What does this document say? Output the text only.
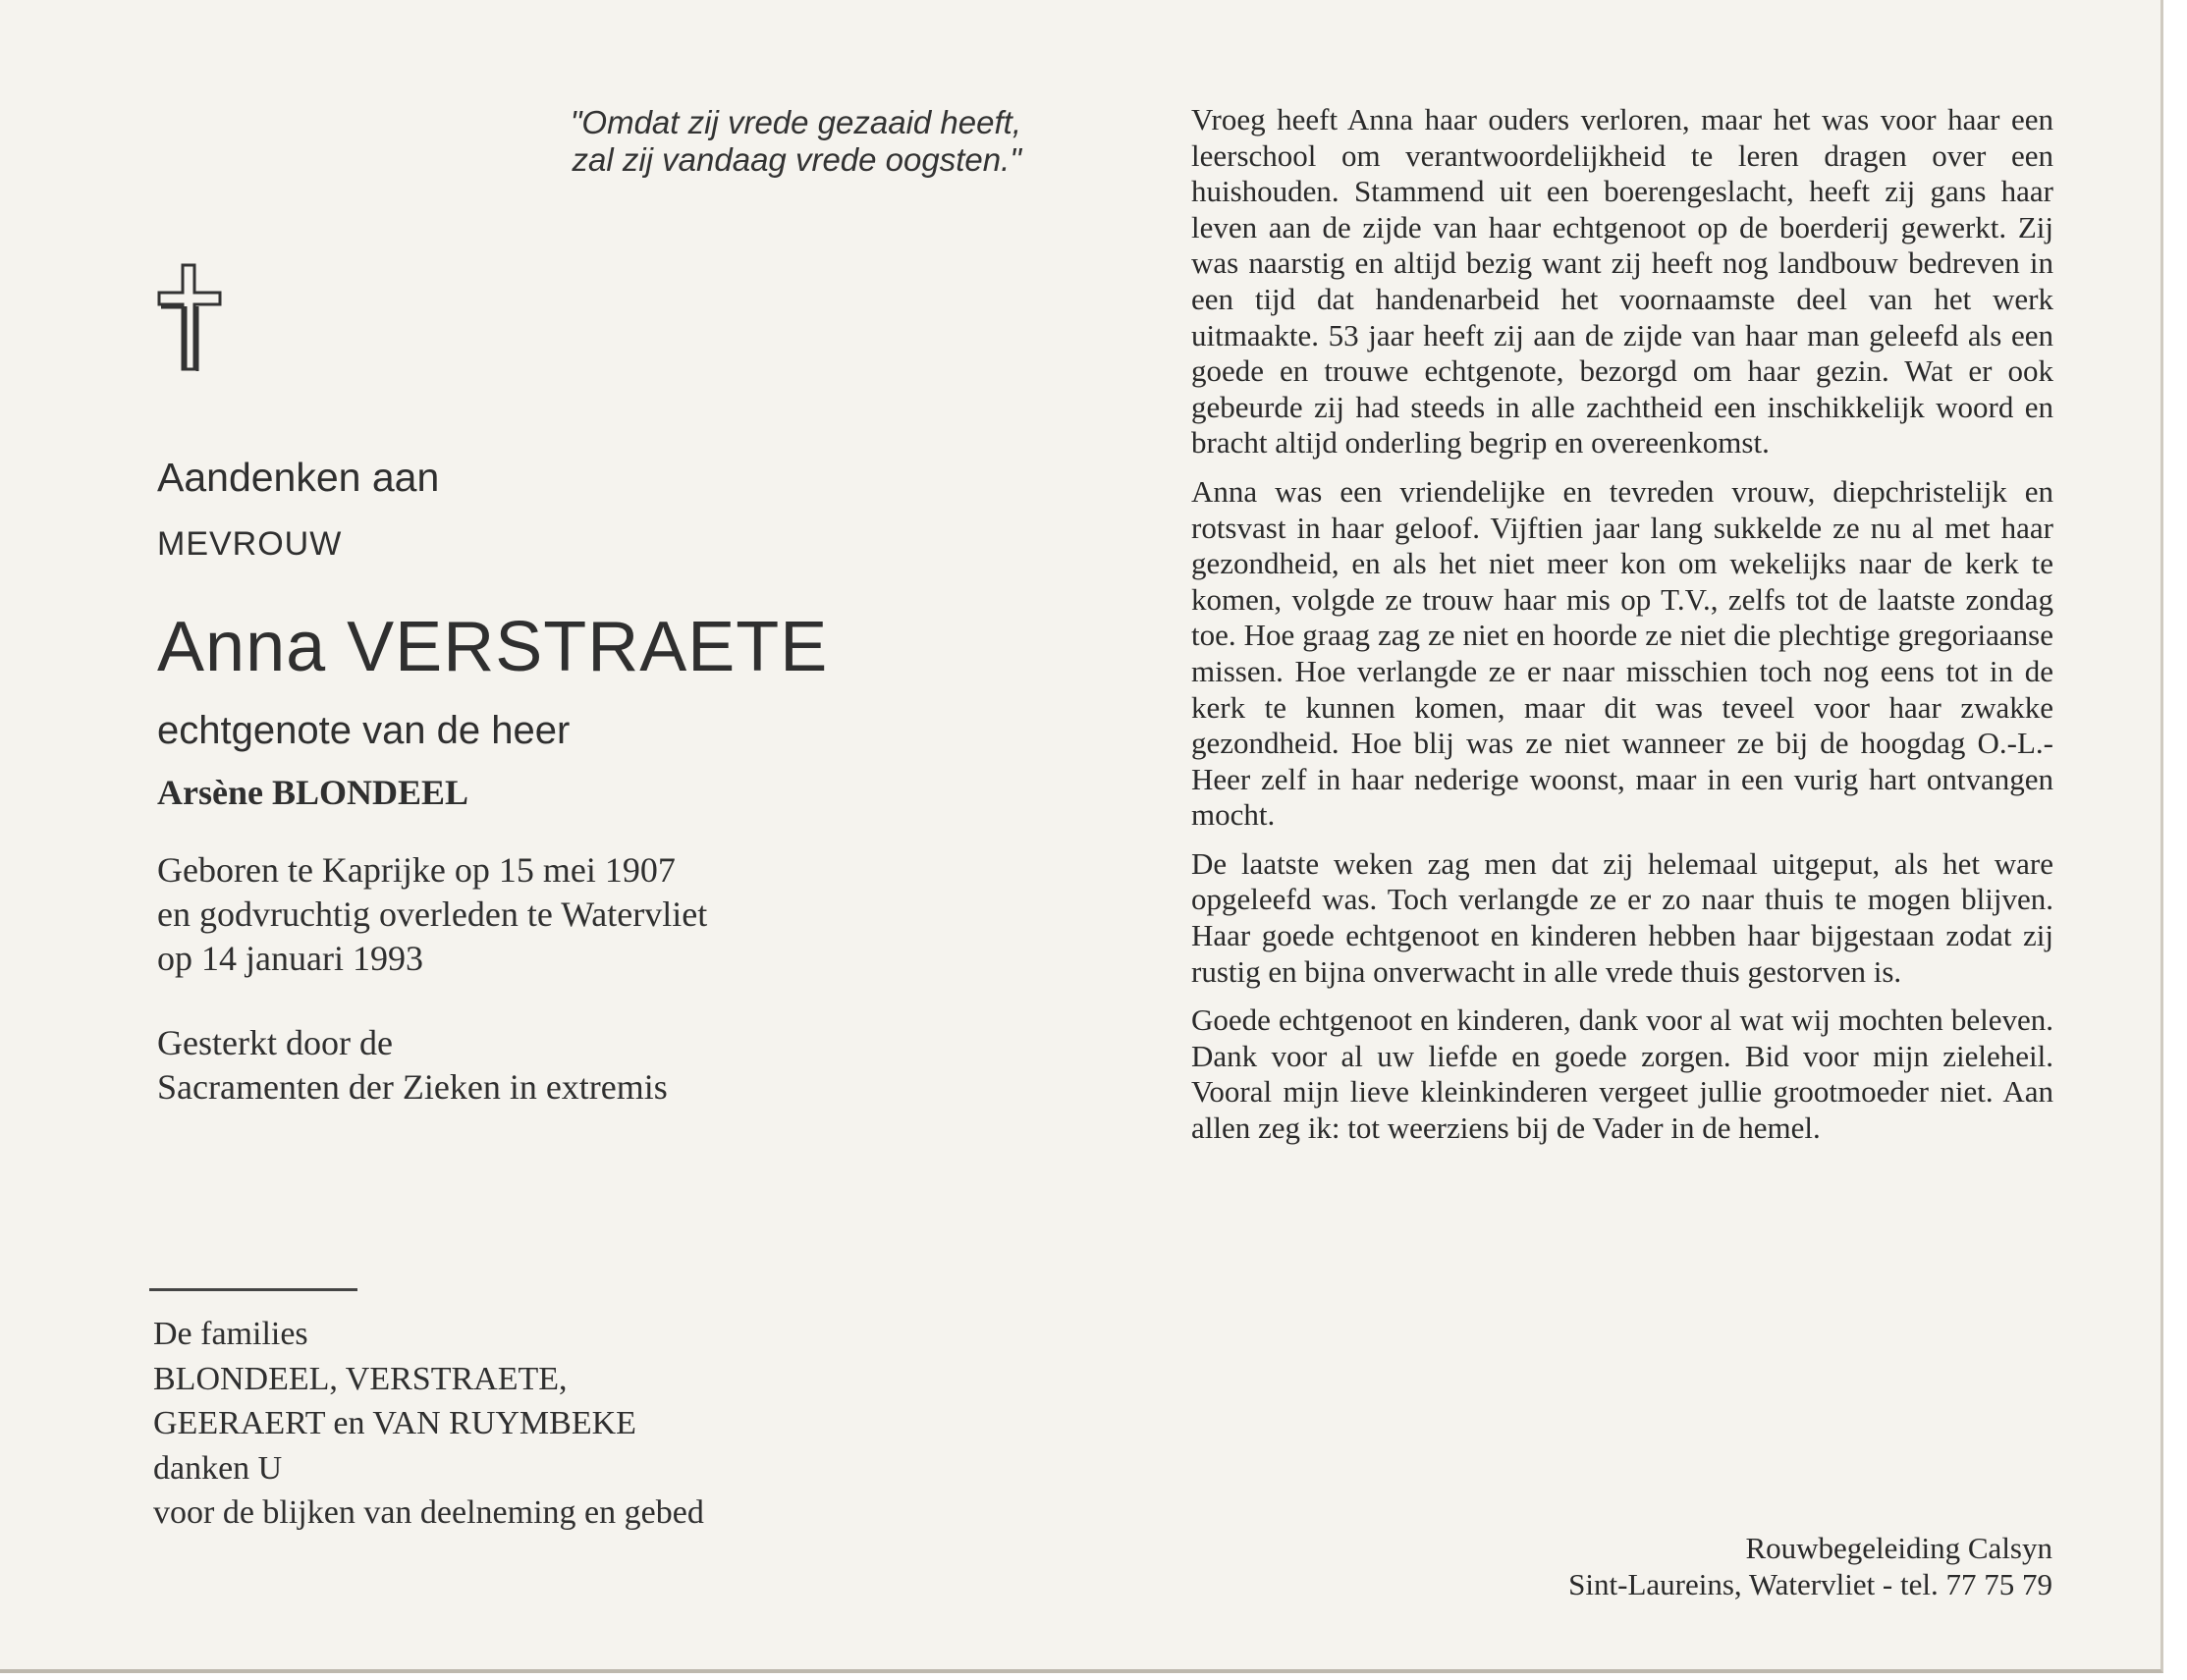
"Omdat zij vrede gezaaid heeft,
zal zij vandaag vrede oogsten."
Aandenken aan
MEVROUW
Anna VERSTRAETE
echtgenote van de heer
Arsène BLONDEEL
Geboren te Kaprijke op 15 mei 1907
en godvruchtig overleden te Watervliet
op 14 januari 1993
Gesterkt door de
Sacramenten der Zieken in extremis
De families
BLONDEEL, VERSTRAETE,
GEERAERT en VAN RUYMBEKE
danken U
voor de blijken van deelneming en gebed

Vroeg heeft Anna haar ouders verloren, maar het was voor haar een leerschool om verantwoordelijkheid te leren dragen over een huishouden. Stammend uit een boerengeslacht, heeft zij gans haar leven aan de zijde van haar echtgenoot op de boerderij gewerkt. Zij was naarstig en altijd bezig want zij heeft nog landbouw bedreven in een tijd dat handenarbeid het voornaamste deel van het werk uitmaakte. 53 jaar heeft zij aan de zijde van haar man geleefd als een goede en trouwe echtgenote, bezorgd om haar gezin. Wat er ook gebeurde zij had steeds in alle zachtheid een inschikkelijk woord en bracht altijd onderling begrip en overeenkomst.

Anna was een vriendelijke en tevreden vrouw, diepchristelijk en rotsvast in haar geloof. Vijftien jaar lang sukkelde ze nu al met haar gezondheid, en als het niet meer kon om wekelijks naar de kerk te komen, volgde ze trouw haar mis op T.V., zelfs tot de laatste zondag toe. Hoe graag zag ze niet en hoorde ze niet die plechtige gregoriaanse missen. Hoe verlangde ze er naar misschien toch nog eens tot in de kerk te kunnen komen, maar dit was teveel voor haar zwakke gezondheid. Hoe blij was ze niet wanneer ze bij de hoogdag O.-L.-Heer zelf in haar nederige woonst, maar in een vurig hart ontvangen mocht.

De laatste weken zag men dat zij helemaal uitgeput, als het ware opgeleefd was. Toch verlangde ze er zo naar thuis te mogen blijven. Haar goede echtgenoot en kinderen hebben haar bijgestaan zodat zij rustig en bijna onverwacht in alle vrede thuis gestorven is.

Goede echtgenoot en kinderen, dank voor al wat wij mochten beleven. Dank voor al uw liefde en goede zorgen. Bid voor mijn zieleheil. Vooral mijn lieve kleinkinderen vergeet jullie grootmoeder niet. Aan allen zeg ik: tot weerziens bij de Vader in de hemel.

Rouwbegeleiding Calsyn
Sint-Laureins, Watervliet - tel. 77 75 79
